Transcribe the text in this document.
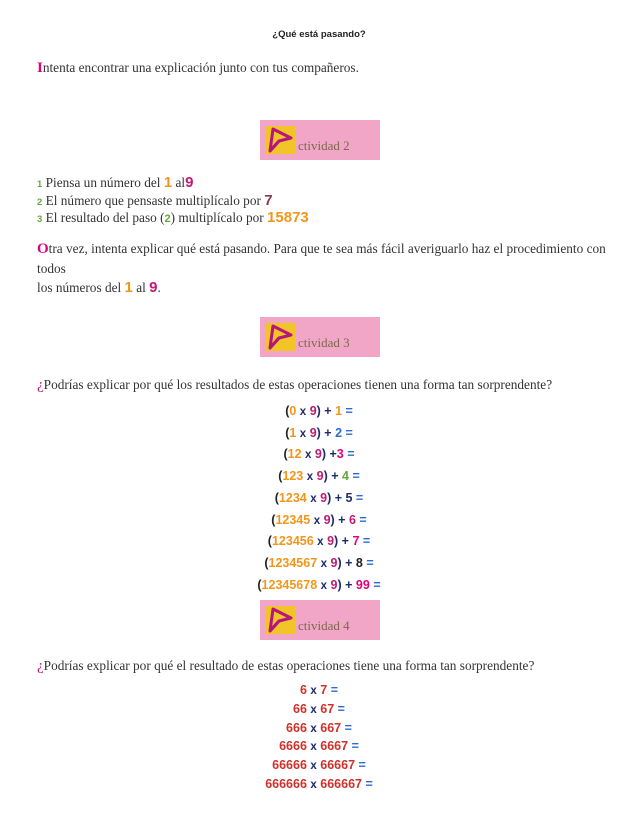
¿Qué está pasando?
Intenta encontrar una explicación junto con tus compañeros.
ctividad 2
1 Piensa un número del 1 al9
2 El número que pensaste multiplícalo por 7
3 El resultado del paso (2) multiplícalo por 15873
Otra vez, intenta explicar qué está pasando. Para que te sea más fácil averiguarlo haz el procedimiento con todos
los números del 1 al 9.
ctividad 3
¿Podrías explicar por qué los resultados de estas operaciones tienen una forma tan sorprendente?
(0 x 9) + 1 =
(1 x 9) + 2 =
(12 x 9) +3 =
(123 x 9) + 4 =
(1234 x 9) + 5 =
(12345 x 9) + 6 =
(123456 x 9) + 7 =
(1234567 x 9) + 8 =
(12345678 x 9) + 99 =
ctividad 4
¿Podrías explicar por qué el resultado de estas operaciones tiene una forma tan sorprendente?
6 x 7 =
66 x 67 =
666 x 667 =
6666 x 6667 =
66666 x 66667 =
666666 x 666667 =
